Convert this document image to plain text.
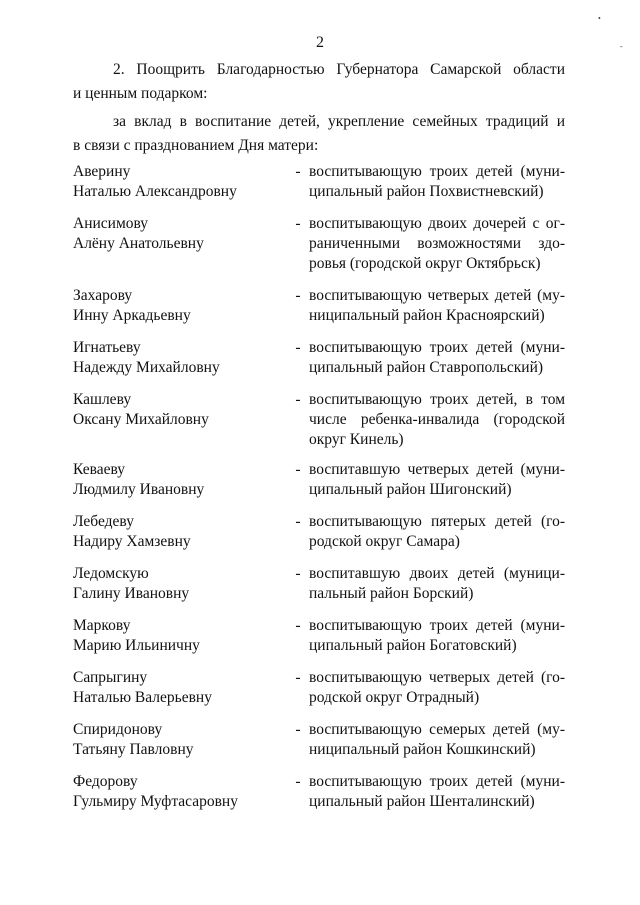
2
2. Поощрить Благодарностью Губернатора Самарской области
и ценным подарком:
за вклад в воспитание детей, укрепление семейных традиций и
в связи с празднованием Дня матери:
Аверину
Наталью Александровну
- воспитывающую троих детей (муни-
ципальный район Похвистневский)
Анисимову
Алёну Анатольевну
- воспитывающую двоих дочерей с ог-
раниченными возможностями здо-
ровья (городской округ Октябрьск)
Захарову
Инну Аркадьевну
- воспитывающую четверых детей (му-
ниципальный район Красноярский)
Игнатьеву
Надежду Михайловну
- воспитывающую троих детей (муни-
ципальный район Ставропольский)
Кашлеву
Оксану Михайловну
- воспитывающую троих детей, в том
числе ребенка-инвалида (городской
округ Кинель)
Кеваеву
Людмилу Ивановну
- воспитавшую четверых детей (муни-
ципальный район Шигонский)
Лебедеву
Надиру Хамзевну
- воспитывающую пятерых детей (го-
родской округ Самара)
Ледомскую
Галину Ивановну
- воспитавшую двоих детей (муници-
пальный район Борский)
Маркову
Марию Ильиничну
- воспитывающую троих детей (муни-
ципальный район Богатовский)
Сапрыгину
Наталью Валерьевну
- воспитывающую четверых детей (го-
родской округ Отрадный)
Спиридонову
Татьяну Павловну
- воспитывающую семерых детей (му-
ниципальный район Кошкинский)
Федорову
Гульмиру Муфтасаровну
- воспитывающую троих детей (муни-
ципальный район Шенталинский)
•
-
